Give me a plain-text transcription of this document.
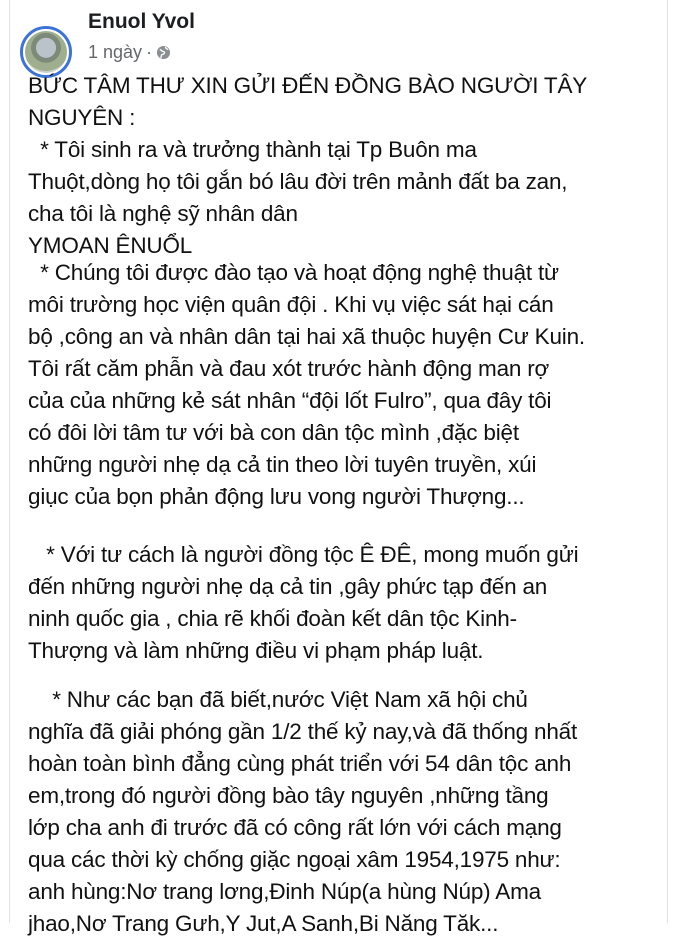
Enuol Yvol
1 ngày ·
BỨC TÂM THƯ XIN GỬI ĐẾN ĐỒNG BÀO NGƯỜI TÂY
NGUYÊN :
* Tôi sinh ra và trưởng thành tại Tp Buôn ma
Thuột,dòng họ tôi gắn bó lâu đời trên mảnh đất ba zan,
cha tôi là nghệ sỹ nhân dân
YMOAN ÊNUỔL
* Chúng tôi được đào tạo và hoạt động nghệ thuật từ
môi trường học viện quân đội . Khi vụ việc sát hại cán
bộ ,công an và nhân dân tại hai xã thuộc huyện Cư Kuin.
Tôi rất căm phẫn và đau xót trước hành động man rợ
của của những kẻ sát nhân “đội lốt Fulro”, qua đây tôi
có đôi lời tâm tư với bà con dân tộc mình ,đặc biệt
những người nhẹ dạ cả tin theo lời tuyên truyền, xúi
giục của bọn phản động lưu vong người Thượng...
* Với tư cách là người đồng tộc Ê ĐÊ, mong muốn gửi
đến những người nhẹ dạ cả tin ,gây phức tạp đến an
ninh quốc gia , chia rẽ khối đoàn kết dân tộc Kinh-
Thượng và làm những điều vi phạm pháp luật.
* Như các bạn đã biết,nước Việt Nam xã hội chủ
nghĩa đã giải phóng gần 1/2 thế kỷ nay,và đã thống nhất
hoàn toàn bình đẳng cùng phát triển với 54 dân tộc anh
em,trong đó người đồng bào tây nguyên ,những tầng
lớp cha anh đi trước đã có công rất lớn với cách mạng
qua các thời kỳ chống giặc ngoại xâm 1954,1975 như:
anh hùng:Nơ trang lơng,Đinh Núp(a hùng Núp) Ama
jhao,Nơ Trang Gưh,Y Jut,A Sanh,Bi Năng Tăk...
